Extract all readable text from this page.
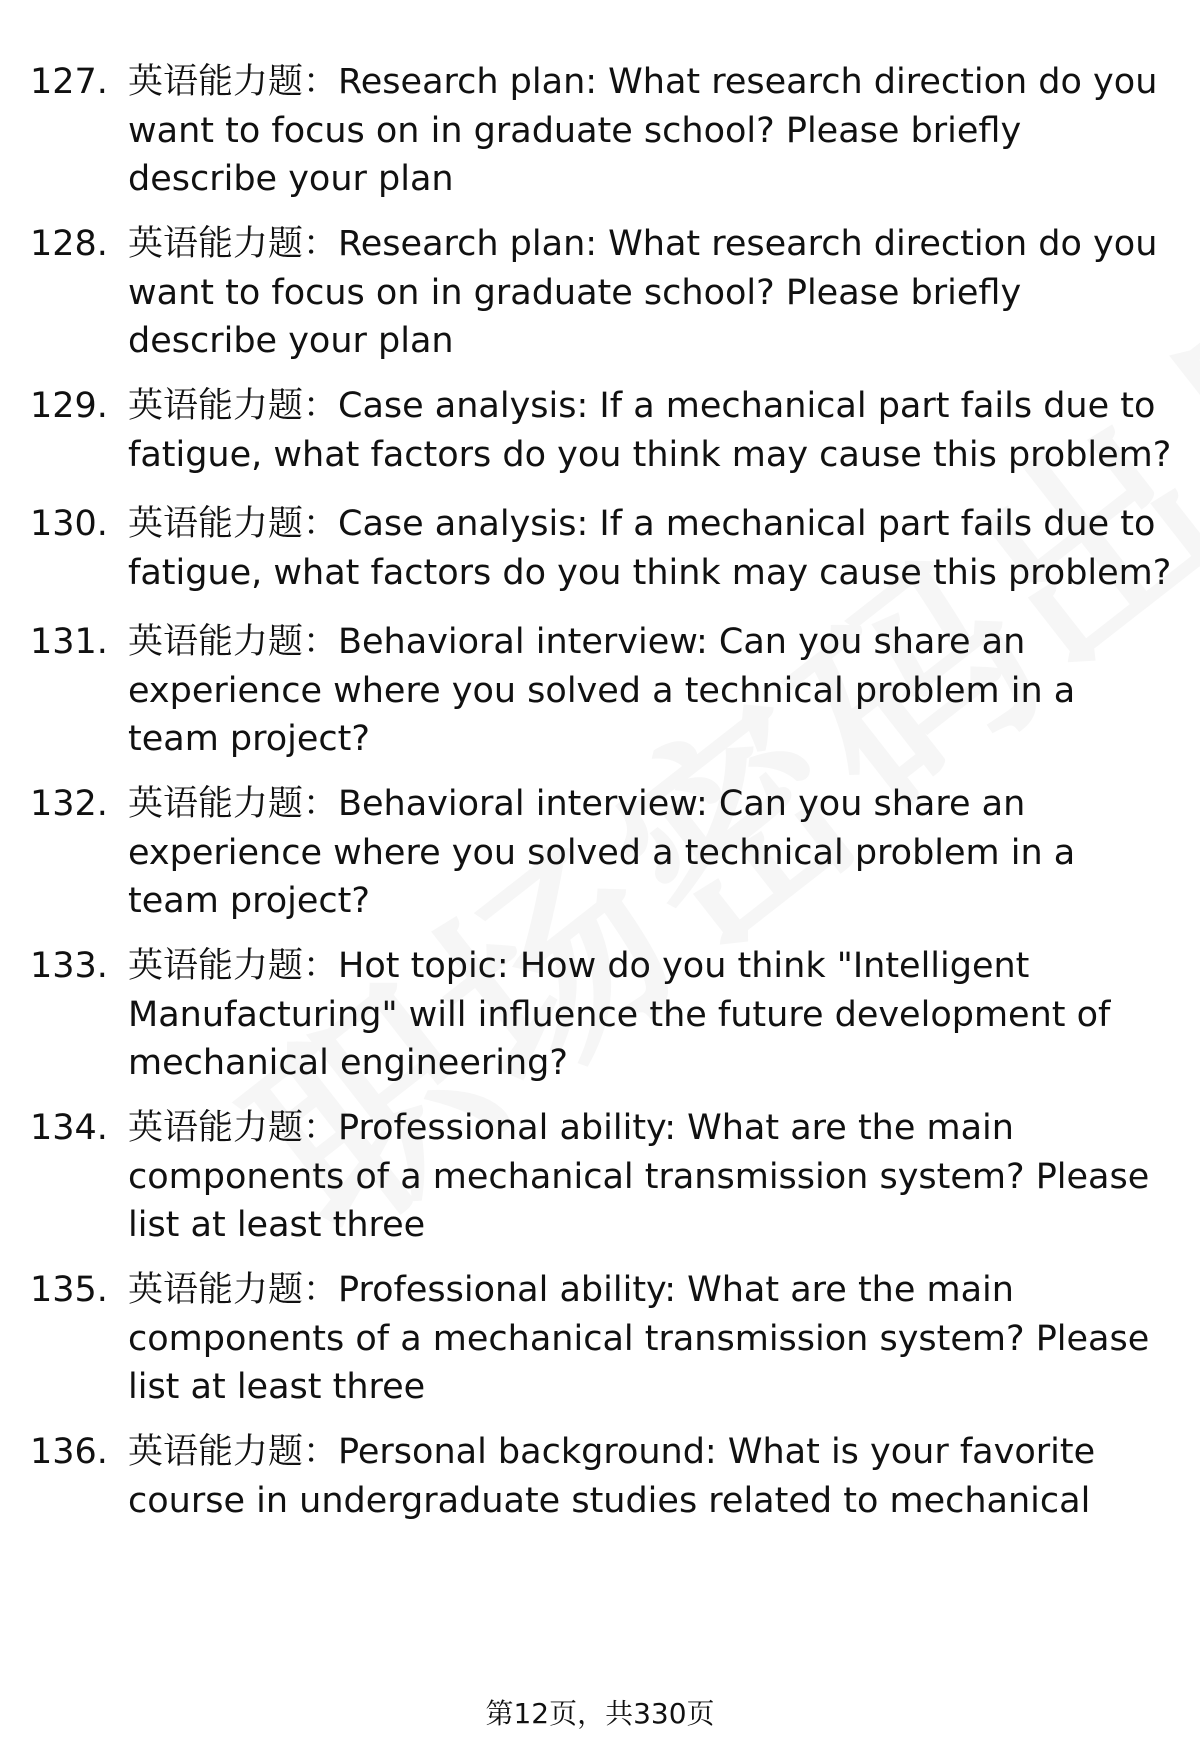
127. 英语能力题：Research plan: What research direction do you want to focus on in graduate school? Please briefly describe your plan
128. 英语能力题：Research plan: What research direction do you want to focus on in graduate school? Please briefly describe your plan
129. 英语能力题：Case analysis: If a mechanical part fails due to fatigue, what factors do you think may cause this problem?
130. 英语能力题：Case analysis: If a mechanical part fails due to fatigue, what factors do you think may cause this problem?
131. 英语能力题：Behavioral interview: Can you share an experience where you solved a technical problem in a team project?
132. 英语能力题：Behavioral interview: Can you share an experience where you solved a technical problem in a team project?
133. 英语能力题：Hot topic: How do you think "Intelligent Manufacturing" will influence the future development of mechanical engineering?
134. 英语能力题：Professional ability: What are the main components of a mechanical transmission system? Please list at least three
135. 英语能力题：Professional ability: What are the main components of a mechanical transmission system? Please list at least three
136. 英语能力题：Personal background: What is your favorite course in undergraduate studies related to mechanical
第12页，共330页
